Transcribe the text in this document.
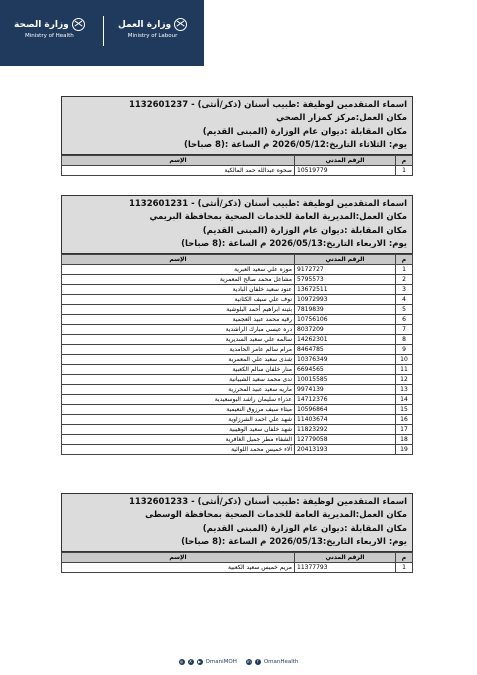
وزارة الصحة
Ministry of Health
وزارة العمل
Ministry of Labour
اسماء المتقدمين لوظيفة :طبيب أسنان (ذكر/أنثى) - 1132601237
مكان العمل:مركز كمزار الصحي
مكان المقابلة :ديوان عام الوزارة (المبنى القديم)
يوم: الثلاثاء التاريخ:2026/05/12 م الساعة :(8 صباحا)
م	الرقم المدني	الإسم
1	10519779	صحوه عبدالله حمد المالكية
اسماء المتقدمين لوظيفة :طبيب أسنان (ذكر/أنثى) - 1132601231
مكان العمل:المديرية العامة للخدمات الصحية بمحافظة البريمي
مكان المقابلة :ديوان عام الوزارة (المبنى القديم)
يوم: الاربعاء التاريخ:2026/05/13 م الساعة :(8 صباحا)
م	الرقم المدني	الإسم
1	9172727	موزه علي سعيد العبرية
2	5795573	مشاعل محمد صالح المعمرية
3	13672511	عنود سعيد خلفان البادية
4	10972993	نوف علي سيف الكثانية
5	7819839	بثينه ابراهيم أحمد البلوشية
6	10756106	رقيه محمد عبيد العجمية
7	8037209	دره عيسى مبارك الراشدية
8	14262301	سالمه علي سعيد السديرية
9	8464785	مرام سالم عامر الحامدية
10	10376349	شذى سعيد علي المعمرية
11	6694565	منار خلفان سالم الكعبية
12	10015585	ندى محمد سعيد الشبيانية
13	9974139	ماريه سعيد عبيد المحرزية
14	14712376	عذراء سليمان راشد البوسعيدية
15	10596864	ميثاء سيف مرزوق النعيمية
16	11403674	شهد علي احمد الشرزاوية
17	11823292	شهد خلفان سعيد الوهيبية
18	12779058	الشفاء مطر جميل الغافرية
19	20413193	آلاء خميس محمد اللوائية
اسماء المتقدمين لوظيفة :طبيب أسنان (ذكر/أنثى) - 1132601233
مكان العمل:المديرية العامة للخدمات الصحية بمحافظة الوسطى
مكان المقابلة :ديوان عام الوزارة (المبنى القديم)
يوم: الاربعاء التاريخ:2026/05/13 م الساعة :(8 صباحا)
م	الرقم المدني	الإسم
1	11377793	مريم خميس سعيد الكعبية
◎	X	▶ OmaniMOH	in	f OmanHealth
